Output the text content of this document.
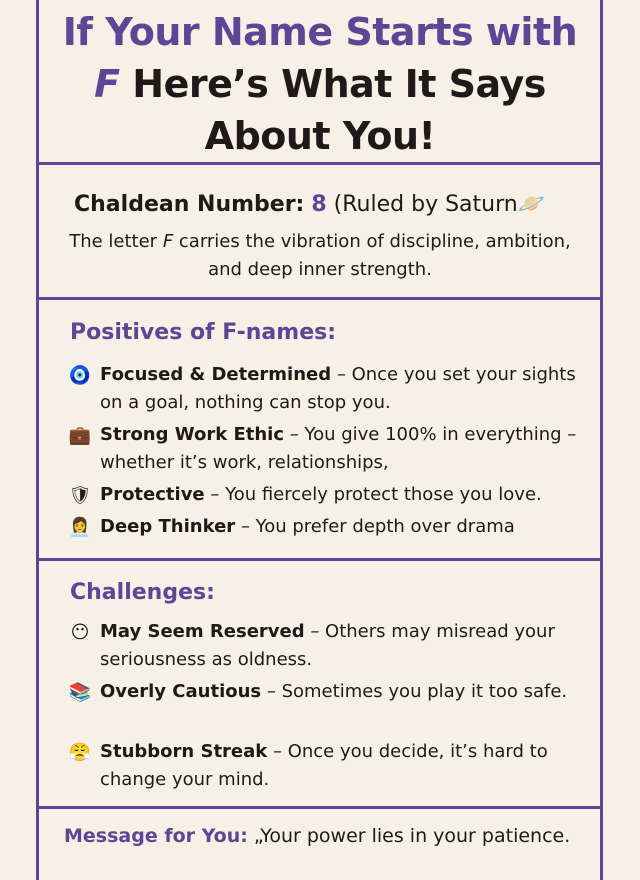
If Your Name Starts with
F Here’s What It Says
About You!
Chaldean Number: 8 (Ruled by Saturn🪐
The letter F carries the vibration of discipline, ambition, and deep inner strength.
Positives of F-names:
🧿 Focused & Determined – Once you set your sights on a goal, nothing can stop you.
💼 Strong Work Ethic – You give 100% in everything – whether it’s work, relationships,
🛡 Protective – You fiercely protect those you love.
👩‍💼 Deep Thinker – You prefer depth over drama
Challenges:
😶 May Seem Reserved – Others may misread your seriousness as oldness.
📚 Overly Cautious – Sometimes you play it too safe.
😤 Stubborn Streak – Once you decide, it’s hard to change your mind.
Message for You: „Your power lies in your patience.
